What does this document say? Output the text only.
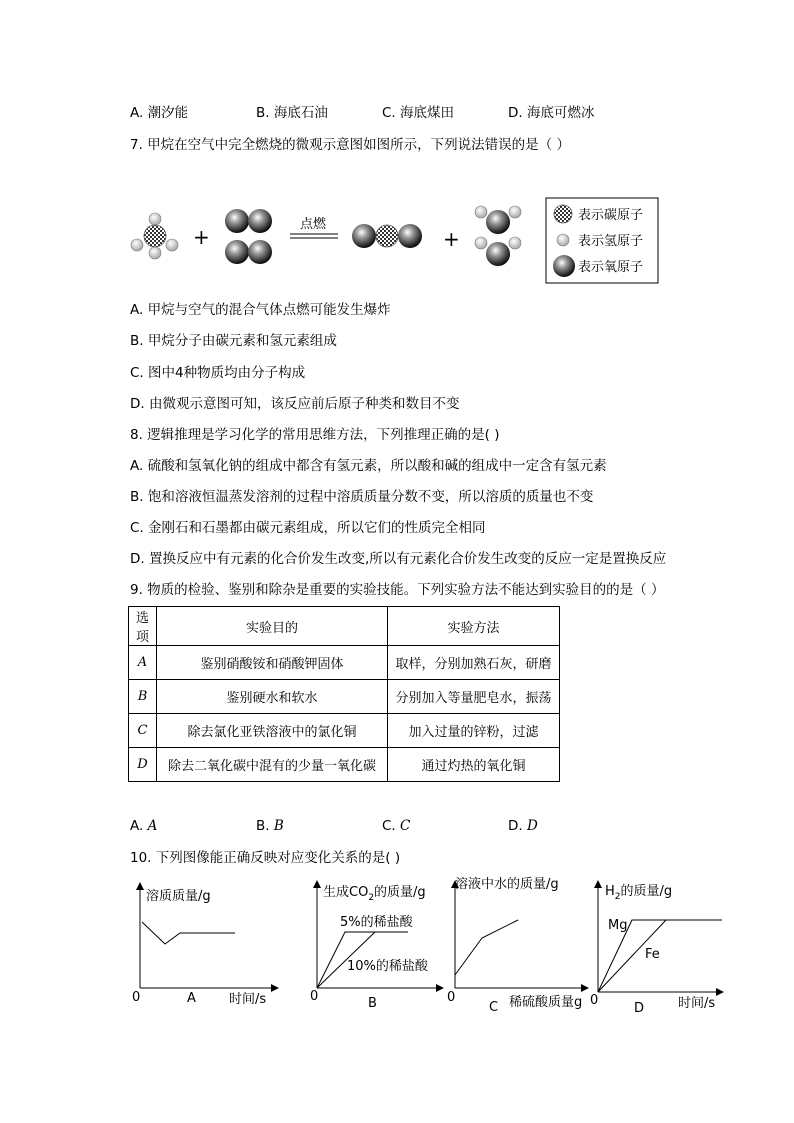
A. 潮汐能	B. 海底石油	C. 海底煤田	D. 海底可燃冰
7. 甲烷在空气中完全燃烧的微观示意图如图所示，下列说法错误的是（ ）
+
点燃
+
表示碳原子
表示氢原子
表示氧原子
A. 甲烷与空气的混合气体点燃可能发生爆炸
B. 甲烷分子由碳元素和氢元素组成
C. 图中4种物质均由分子构成
D. 由微观示意图可知，该反应前后原子种类和数目不变
8. 逻辑推理是学习化学的常用思维方法，下列推理正确的是( )
A. 硫酸和氢氧化钠的组成中都含有氢元素，所以酸和碱的组成中一定含有氢元素
B. 饱和溶液恒温蒸发溶剂的过程中溶质质量分数不变，所以溶质的质量也不变
C. 金刚石和石墨都由碳元素组成，所以它们的性质完全相同
D. 置换反应中有元素的化合价发生改变,所以有元素化合价发生改变的反应一定是置换反应
9. 物质的检验、鉴别和除杂是重要的实验技能。下列实验方法不能达到实验目的的是（ ）
选项	实验目的	实验方法
A	鉴别硝酸铵和硝酸钾固体	取样，分别加熟石灰，研磨
B	鉴别硬水和软水	分别加入等量肥皂水，振荡
C	除去氯化亚铁溶液中的氯化铜	加入过量的锌粉，过滤
D	除去二氧化碳中混有的少量一氧化碳	通过灼热的氧化铜
A. A	B. B	C. C	D. D
10. 下列图像能正确反映对应变化关系的是( )
溶质质量/g
0	A	时间/s
生成$CO_2$的质量/g
5%的稀盐酸
10%的稀盐酸
0	B
溶液中水的质量/g
0
C 稀硫酸质量g
$H_2$的质量/g
Mg
Fe
0
D	时间/s
